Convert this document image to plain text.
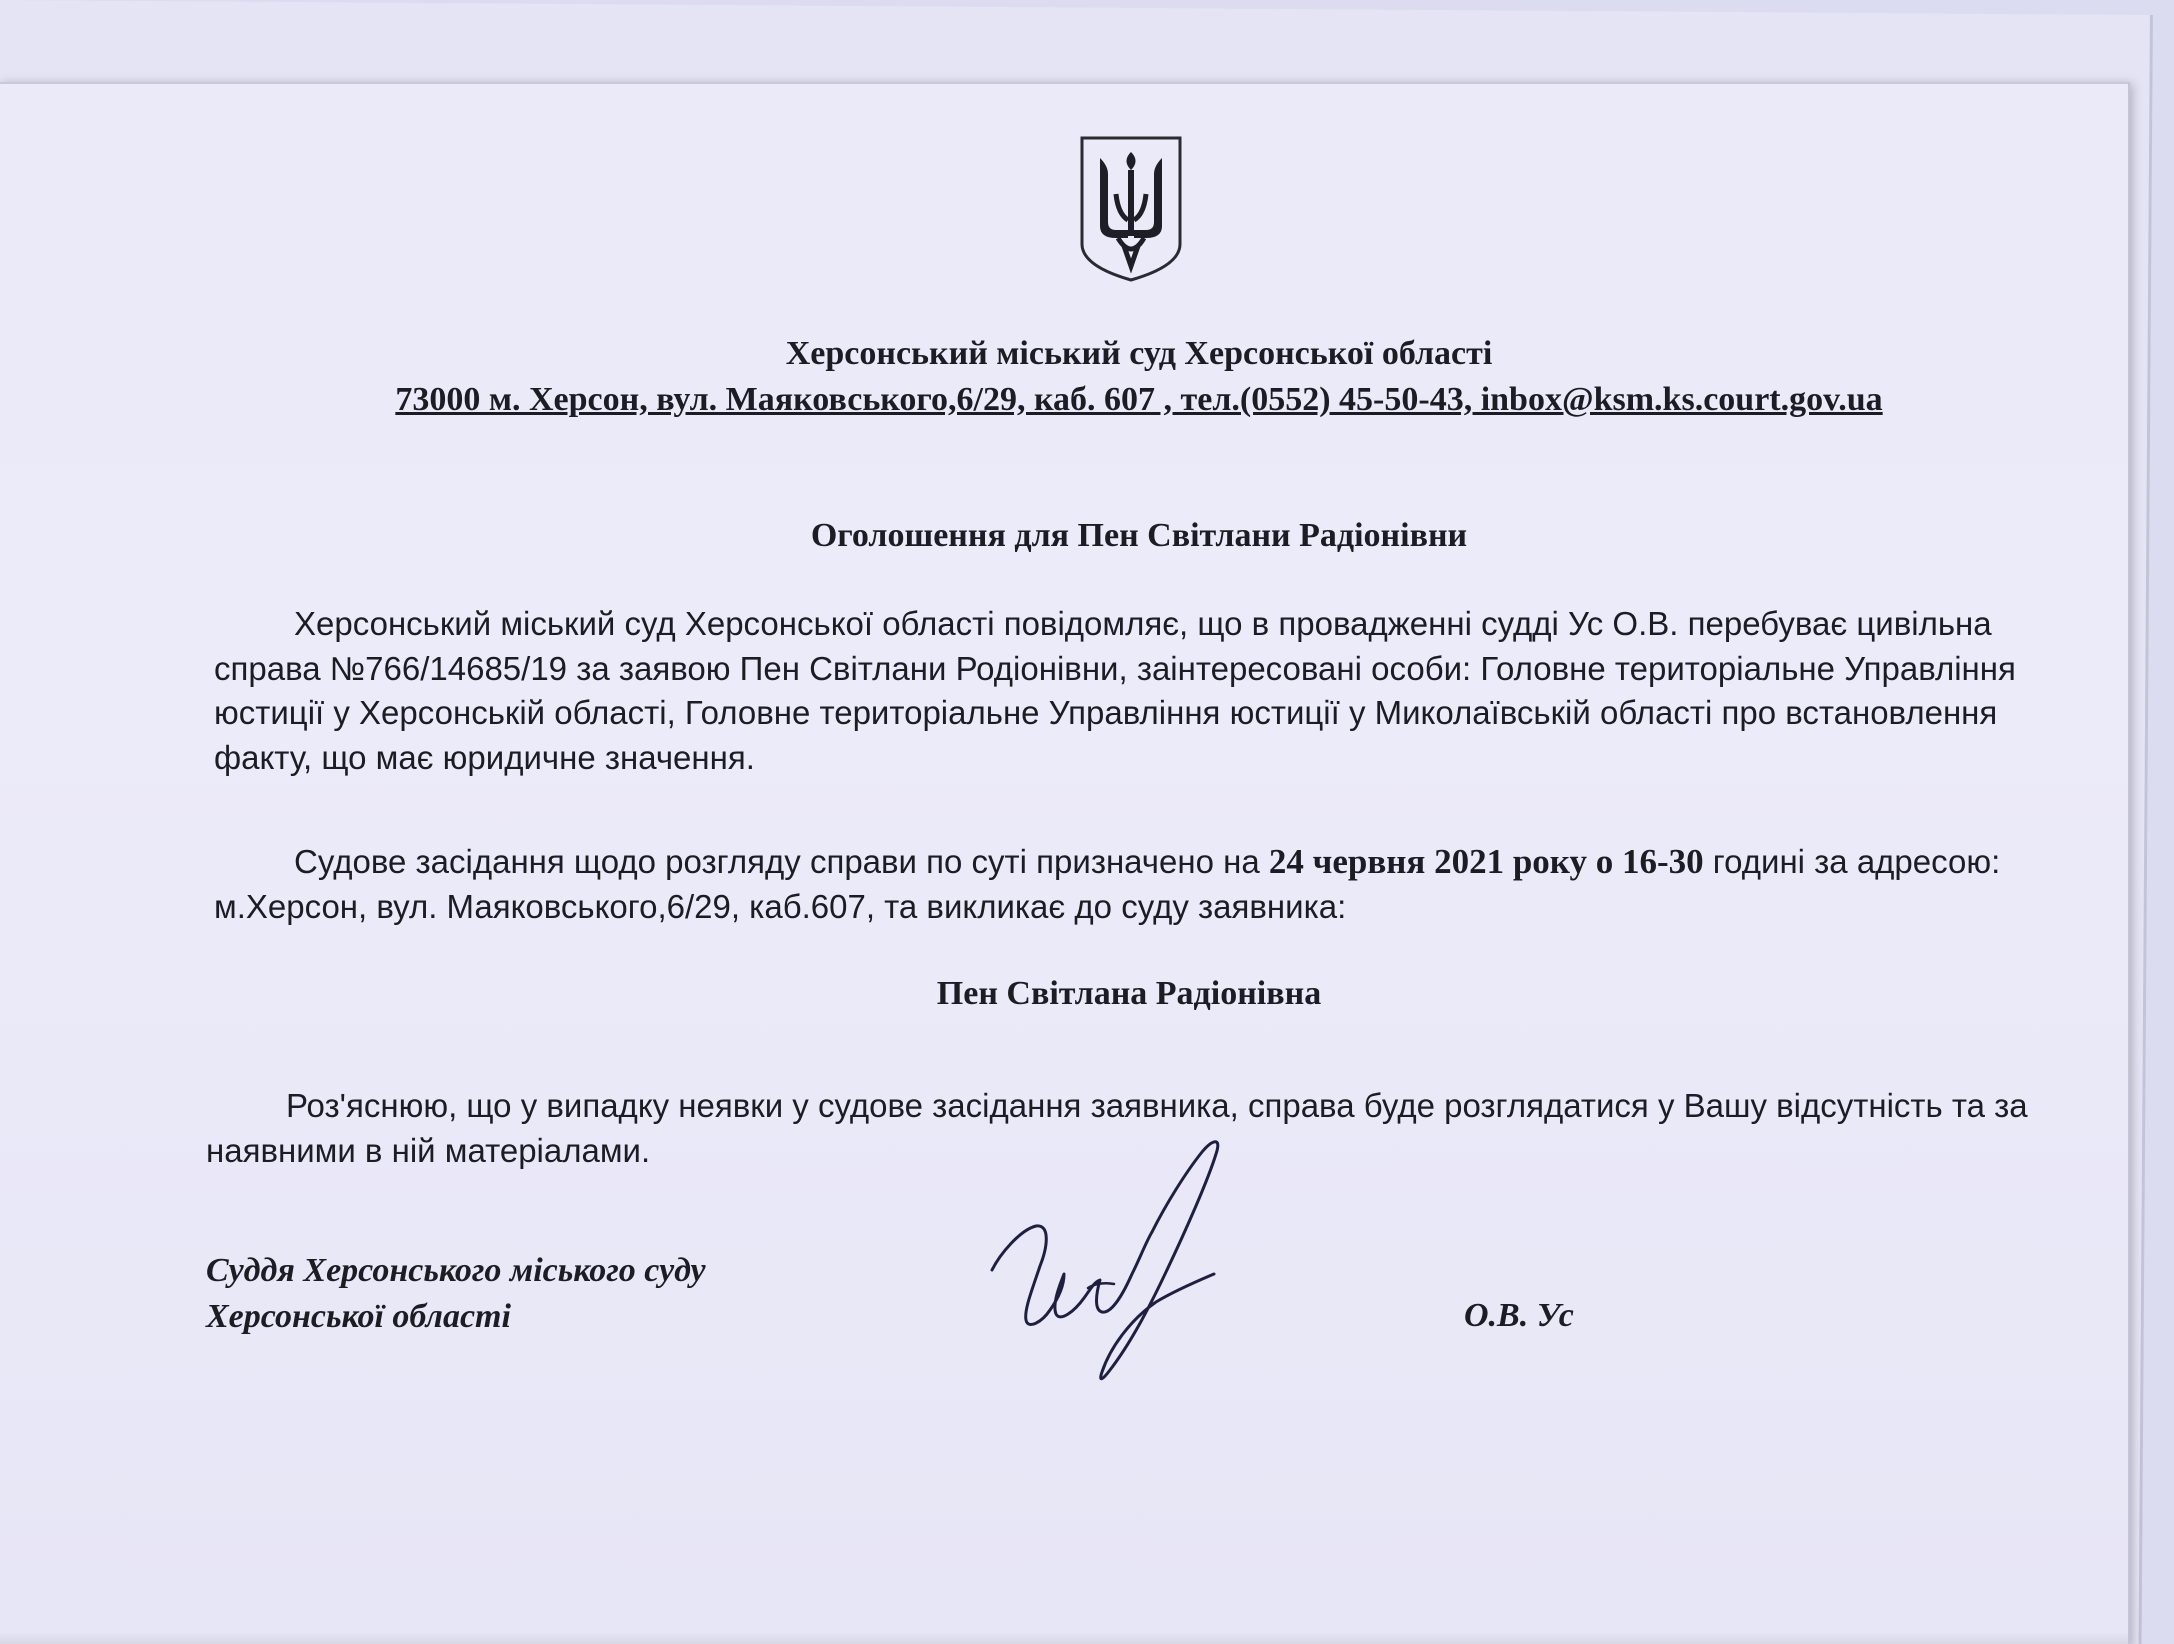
Херсонський міський суд Херсонської області
73000 м. Херсон, вул. Маяковського,6/29, каб. 607 , тел.(0552) 45-50-43, inbox@ksm.ks.court.gov.ua
Оголошення для Пен Світлани Радіонівни
Херсонський міський суд Херсонської області повідомляє, що в провадженні судді Ус О.В. перебуває цивільна справа №766/14685/19 за заявою Пен Світлани Родіонівни, заінтересовані особи: Головне територіальне Управління юстиції у Херсонській області, Головне територіальне Управління юстиції у Миколаївській області про встановлення факту, що має юридичне значення.
Судове засідання щодо розгляду справи по суті призначено на 24 червня 2021 року о 16-30 годині за адресою: м.Херсон, вул. Маяковського,6/29, каб.607, та викликає до суду заявника:
Пен Світлана Радіонівна
Роз'яснюю, що у випадку неявки у судове засідання заявника, справа буде розглядатися у Вашу відсутність та за наявними в ній матеріалами.
Суддя Херсонського міського суду
Херсонської області	О.В. Ус
